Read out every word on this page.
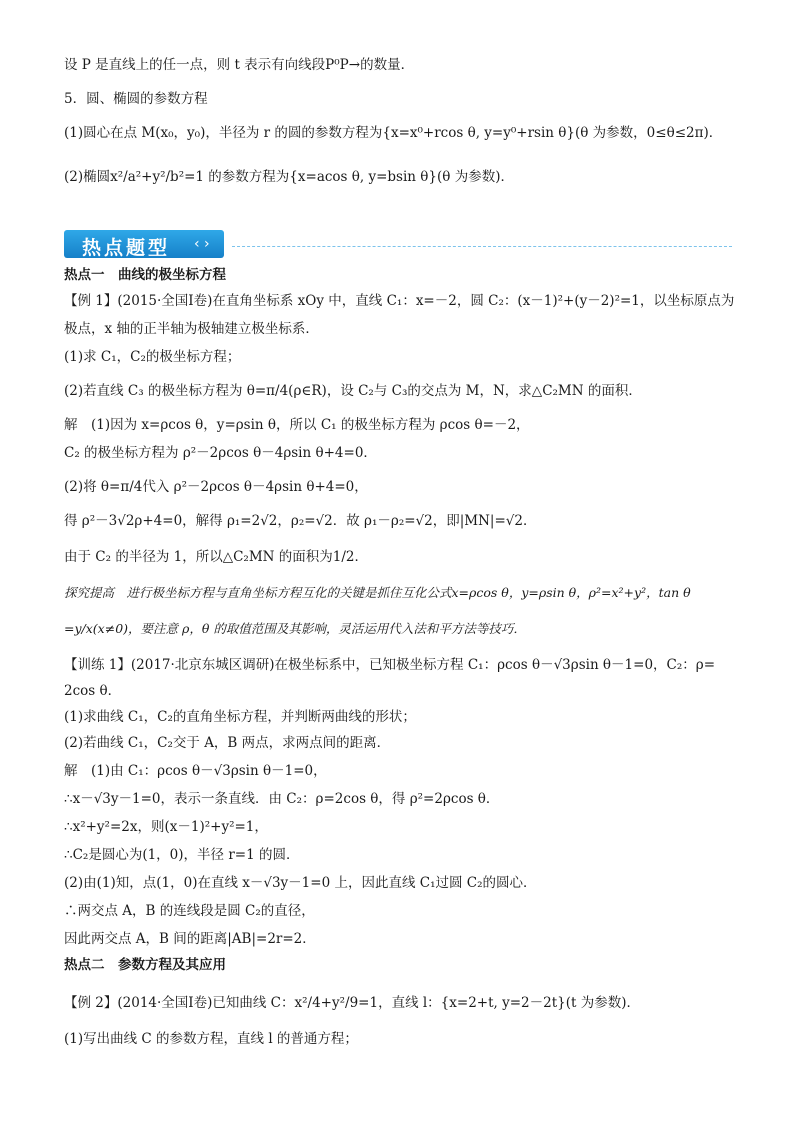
设 P 是直线上的任一点，则 t 表示有向线段P⁰P→的数量．
5．圆、椭圆的参数方程
(1)圆心在点 M(x₀，y₀)，半径为 r 的圆的参数方程为{x=x⁰+rcos θ, y=y⁰+rsin θ}(θ 为参数，0≤θ≤2π)．
(2)椭圆x²/a²+y²/b²=1 的参数方程为{x=acos θ, y=bsin θ}(θ 为参数)．
热点一　曲线的极坐标方程
【例 1】(2015·全国Ⅰ卷)在直角坐标系 xOy 中，直线 C₁：x=－2，圆 C₂：(x－1)²+(y－2)²=1，以坐标原点为
极点，x 轴的正半轴为极轴建立极坐标系．
(1)求 C₁，C₂的极坐标方程；
(2)若直线 C₃ 的极坐标方程为 θ=π/4(ρ∈R)，设 C₂与 C₃的交点为 M，N，求△C₂MN 的面积．
解　(1)因为 x=ρcos θ，y=ρsin θ，所以 C₁ 的极坐标方程为 ρcos θ=－2，
C₂ 的极坐标方程为 ρ²－2ρcos θ－4ρsin θ+4=0．
(2)将 θ=π/4代入 ρ²－2ρcos θ－4ρsin θ+4=0，
得 ρ²－3√2ρ+4=0，解得 ρ₁=2√2，ρ₂=√2．故 ρ₁－ρ₂=√2，即|MN|=√2．
由于 C₂ 的半径为 1，所以△C₂MN 的面积为1/2．
探究提高　进行极坐标方程与直角坐标方程互化的关键是抓住互化公式x=ρcos θ，y=ρsin θ，ρ²=x²+y²，tan θ
=y/x(x≠0)，要注意 ρ，θ 的取值范围及其影响，灵活运用代入法和平方法等技巧．
【训练 1】(2017·北京东城区调研)在极坐标系中，已知极坐标方程 C₁：ρcos θ－√3ρsin θ－1=0，C₂：ρ=
2cos θ．
(1)求曲线 C₁，C₂的直角坐标方程，并判断两曲线的形状；
(2)若曲线 C₁，C₂交于 A，B 两点，求两点间的距离．
解　(1)由 C₁：ρcos θ－√3ρsin θ－1=0，
∴x－√3y－1=0，表示一条直线．由 C₂：ρ=2cos θ，得 ρ²=2ρcos θ．
∴x²+y²=2x，则(x－1)²+y²=1，
∴C₂是圆心为(1，0)，半径 r=1 的圆．
(2)由(1)知，点(1，0)在直线 x－√3y－1=0 上，因此直线 C₁过圆 C₂的圆心．
∴两交点 A，B 的连线段是圆 C₂的直径，
因此两交点 A，B 间的距离|AB|=2r=2．
热点二　参数方程及其应用
【例 2】(2014·全国Ⅰ卷)已知曲线 C：x²/4+y²/9=1，直线 l：{x=2+t, y=2－2t}(t 为参数)．
(1)写出曲线 C 的参数方程，直线 l 的普通方程；
热点题型 ‹ ›
